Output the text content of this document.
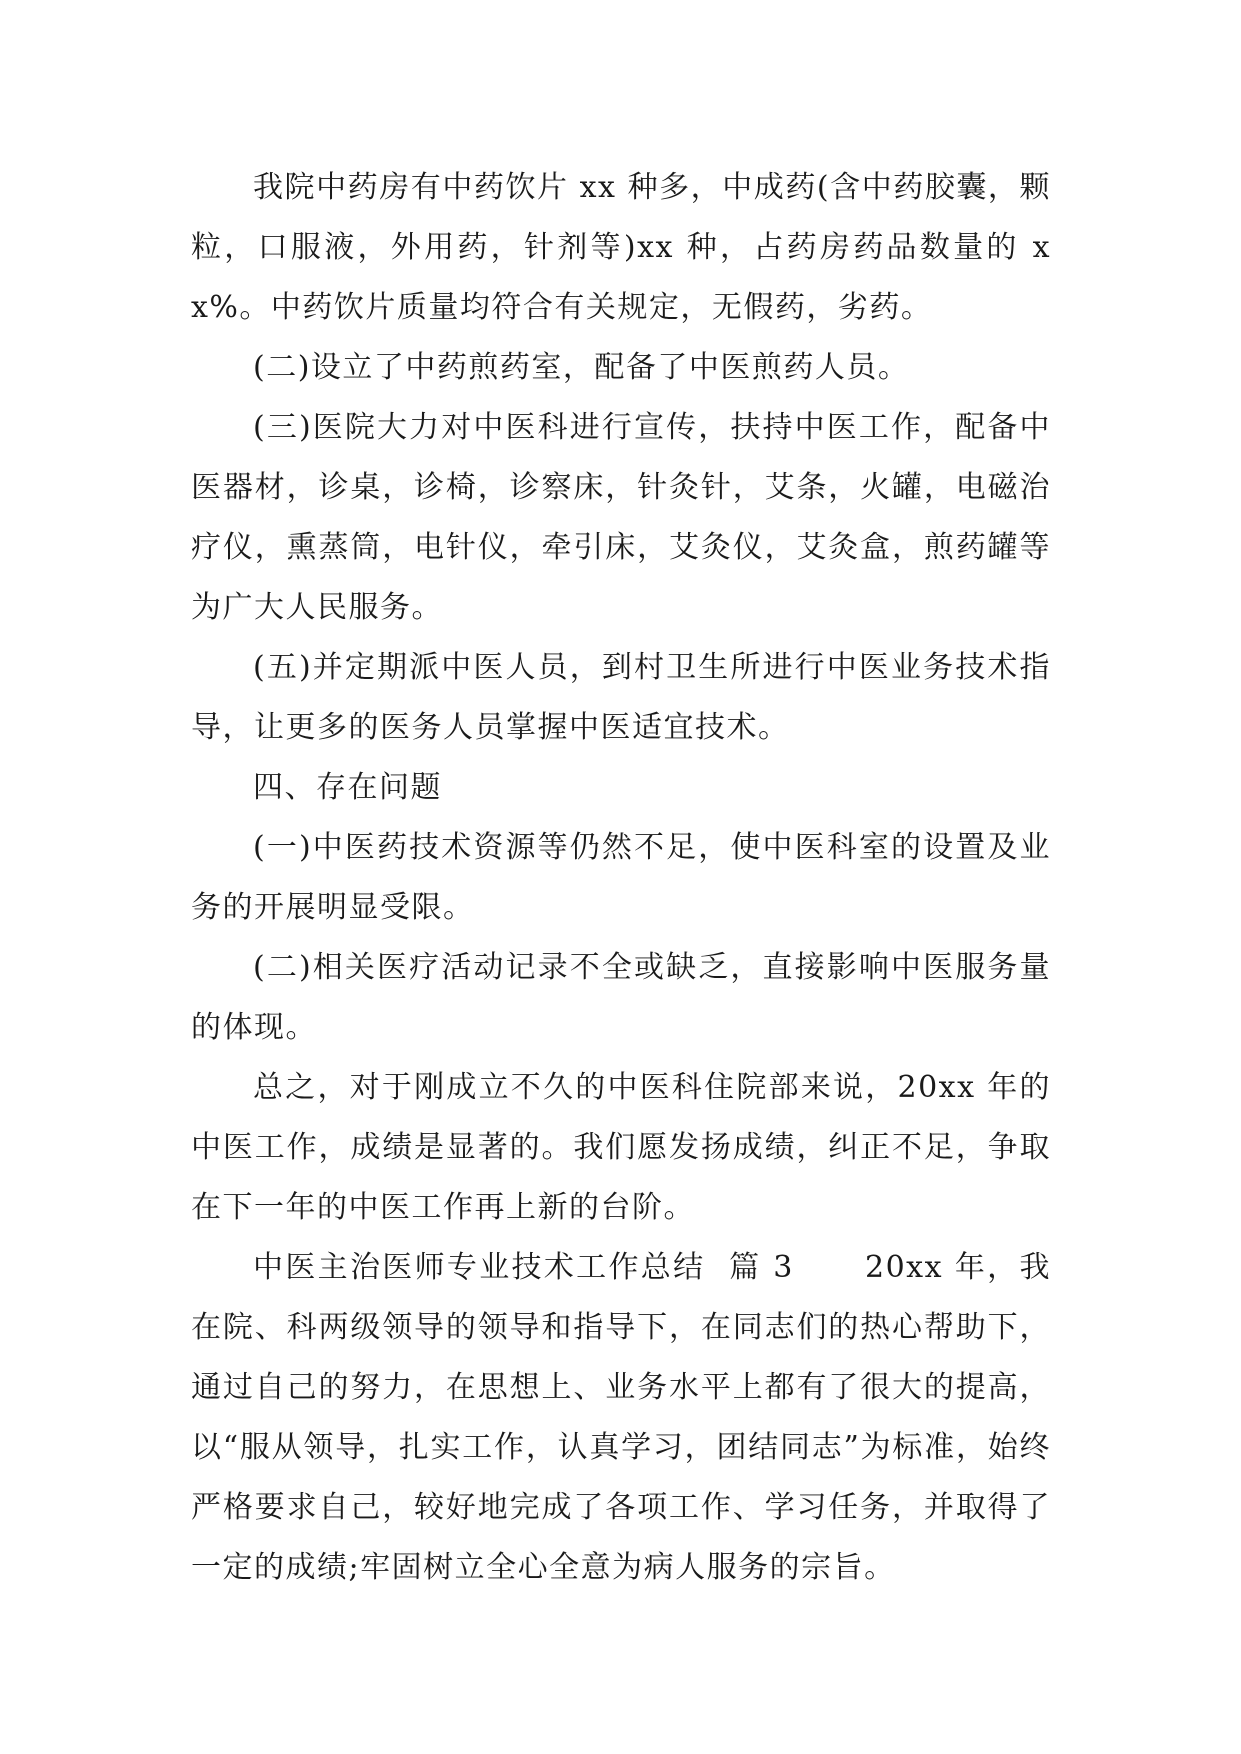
我院中药房有中药饮片 xx 种多，中成药(含中药胶囊，颗粒，口服液，外用药，针剂等)xx 种，占药房药品数量的 xx%。中药饮片质量均符合有关规定，无假药，劣药。

(二)设立了中药煎药室，配备了中医煎药人员。

(三)医院大力对中医科进行宣传，扶持中医工作，配备中医器材，诊桌，诊椅，诊察床，针灸针，艾条，火罐，电磁治疗仪，熏蒸筒，电针仪，牵引床，艾灸仪，艾灸盒，煎药罐等为广大人民服务。

(五)并定期派中医人员，到村卫生所进行中医业务技术指导，让更多的医务人员掌握中医适宜技术。

四、存在问题

(一)中医药技术资源等仍然不足，使中医科室的设置及业务的开展明显受限。

(二)相关医疗活动记录不全或缺乏，直接影响中医服务量的体现。

总之，对于刚成立不久的中医科住院部来说，20xx 年的中医工作，成绩是显著的。我们愿发扬成绩，纠正不足，争取在下一年的中医工作再上新的台阶。

中医主治医师专业技术工作总结  篇 3      20xx 年，我在院、科两级领导的领导和指导下，在同志们的热心帮助下，通过自己的努力，在思想上、业务水平上都有了很大的提高，以“服从领导，扎实工作，认真学习，团结同志”为标准，始终严格要求自己，较好地完成了各项工作、学习任务，并取得了一定的成绩;牢固树立全心全意为病人服务的宗旨。
